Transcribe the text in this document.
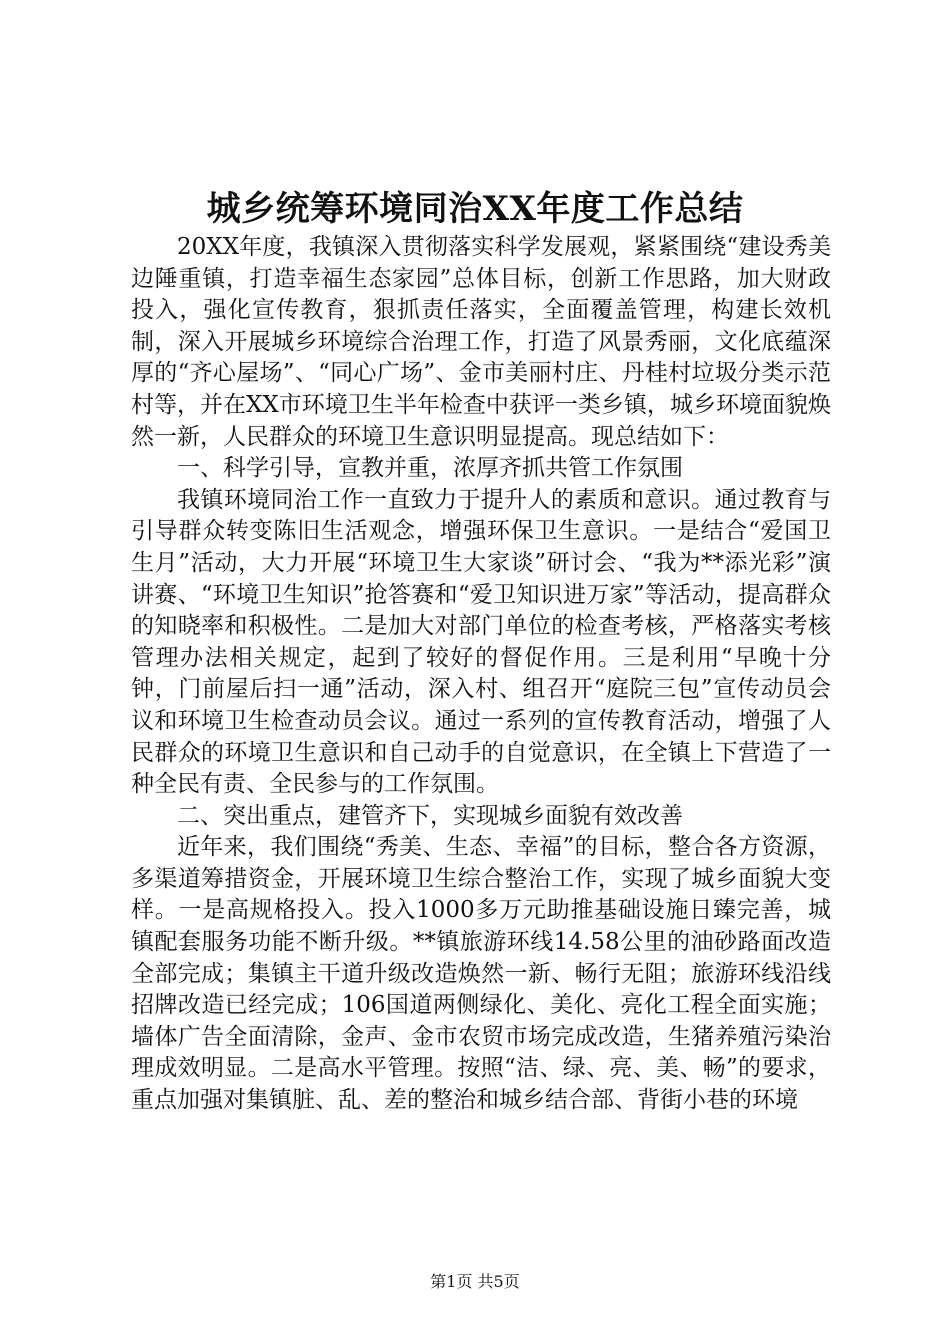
城乡统筹环境同治XX年度工作总结

20XX年度，我镇深入贯彻落实科学发展观，紧紧围绕“建设秀美边陲重镇，打造幸福生态家园”总体目标，创新工作思路，加大财政投入，强化宣传教育，狠抓责任落实，全面覆盖管理，构建长效机制，深入开展城乡环境综合治理工作，打造了风景秀丽，文化底蕴深厚的“齐心屋场”、“同心广场”、金市美丽村庄、丹桂村垃圾分类示范村等，并在XX市环境卫生半年检查中获评一类乡镇，城乡环境面貌焕然一新，人民群众的环境卫生意识明显提高。现总结如下：

一、科学引导，宣教并重，浓厚齐抓共管工作氛围

我镇环境同治工作一直致力于提升人的素质和意识。通过教育与引导群众转变陈旧生活观念，增强环保卫生意识。一是结合“爱国卫生月”活动，大力开展“环境卫生大家谈”研讨会、“我为**添光彩”演讲赛、“环境卫生知识”抢答赛和“爱卫知识进万家”等活动，提高群众的知晓率和积极性。二是加大对部门单位的检查考核，严格落实考核管理办法相关规定，起到了较好的督促作用。三是利用“早晚十分钟，门前屋后扫一通”活动，深入村、组召开“庭院三包”宣传动员会议和环境卫生检查动员会议。通过一系列的宣传教育活动，增强了人民群众的环境卫生意识和自己动手的自觉意识，在全镇上下营造了一种全民有责、全民参与的工作氛围。

二、突出重点，建管齐下，实现城乡面貌有效改善

近年来，我们围绕“秀美、生态、幸福”的目标，整合各方资源，多渠道筹措资金，开展环境卫生综合整治工作，实现了城乡面貌大变样。一是高规格投入。投入1000多万元助推基础设施日臻完善，城镇配套服务功能不断升级。**镇旅游环线14.58公里的油砂路面改造全部完成；集镇主干道升级改造焕然一新、畅行无阻；旅游环线沿线招牌改造已经完成；106国道两侧绿化、美化、亮化工程全面实施；墙体广告全面清除，金声、金市农贸市场完成改造，生猪养殖污染治理成效明显。二是高水平管理。按照“洁、绿、亮、美、畅”的要求，重点加强对集镇脏、乱、差的整治和城乡结合部、背街小巷的环境

第1页 共5页
